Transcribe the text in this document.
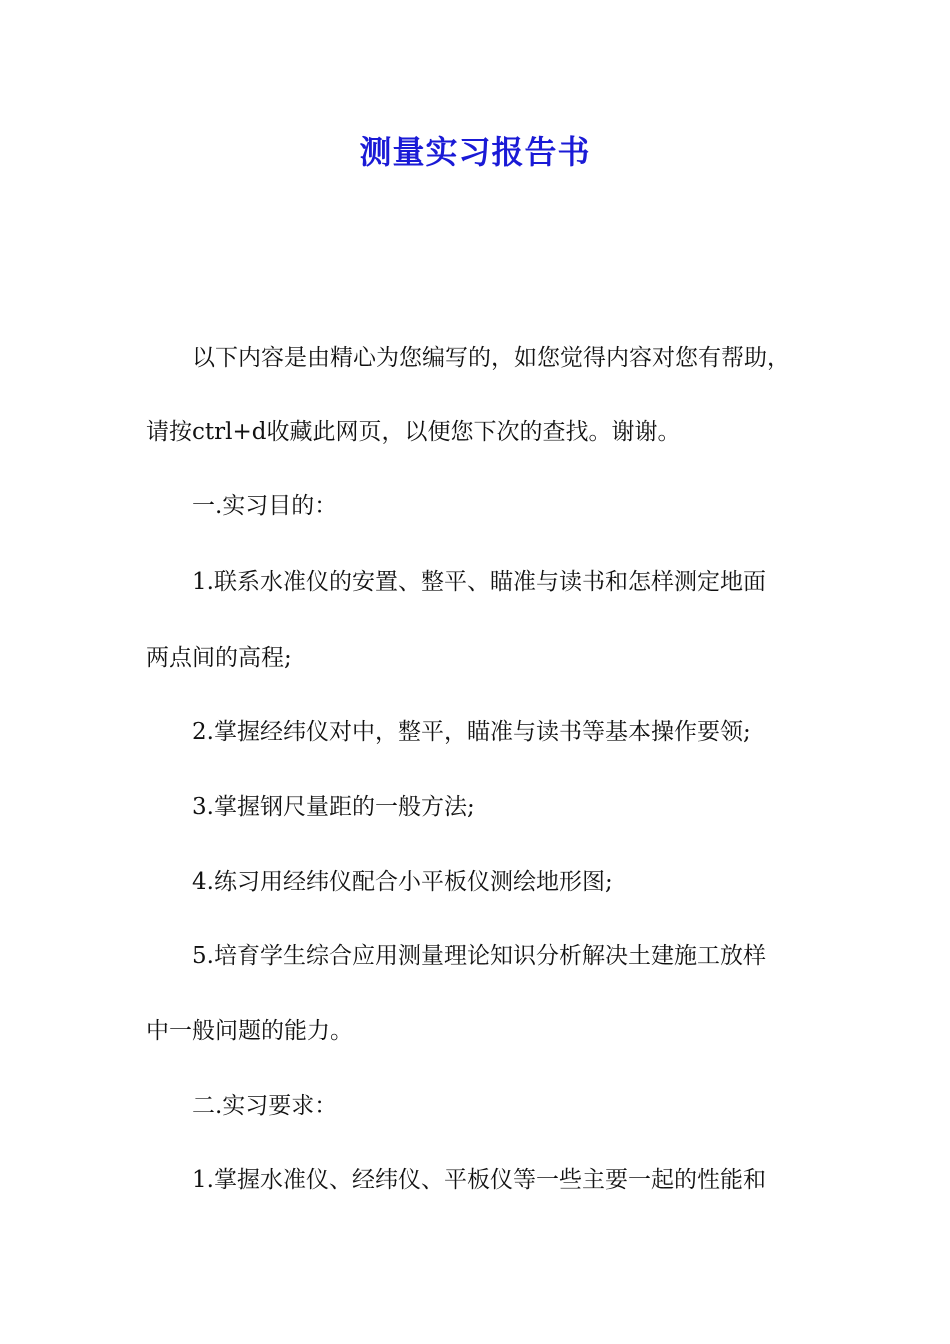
测量实习报告书

以下内容是由精心为您编写的，如您觉得内容对您有帮助，

请按ctrl+d收藏此网页，以便您下次的查找。谢谢。

一.实习目的：

1.联系水准仪的安置、整平、瞄准与读书和怎样测定地面

两点间的高程;

2.掌握经纬仪对中，整平，瞄准与读书等基本操作要领;

3.掌握钢尺量距的一般方法;

4.练习用经纬仪配合小平板仪测绘地形图;

5.培育学生综合应用测量理论知识分析解决土建施工放样

中一般问题的能力。

二.实习要求：

1.掌握水准仪、经纬仪、平板仪等一些主要一起的性能和
